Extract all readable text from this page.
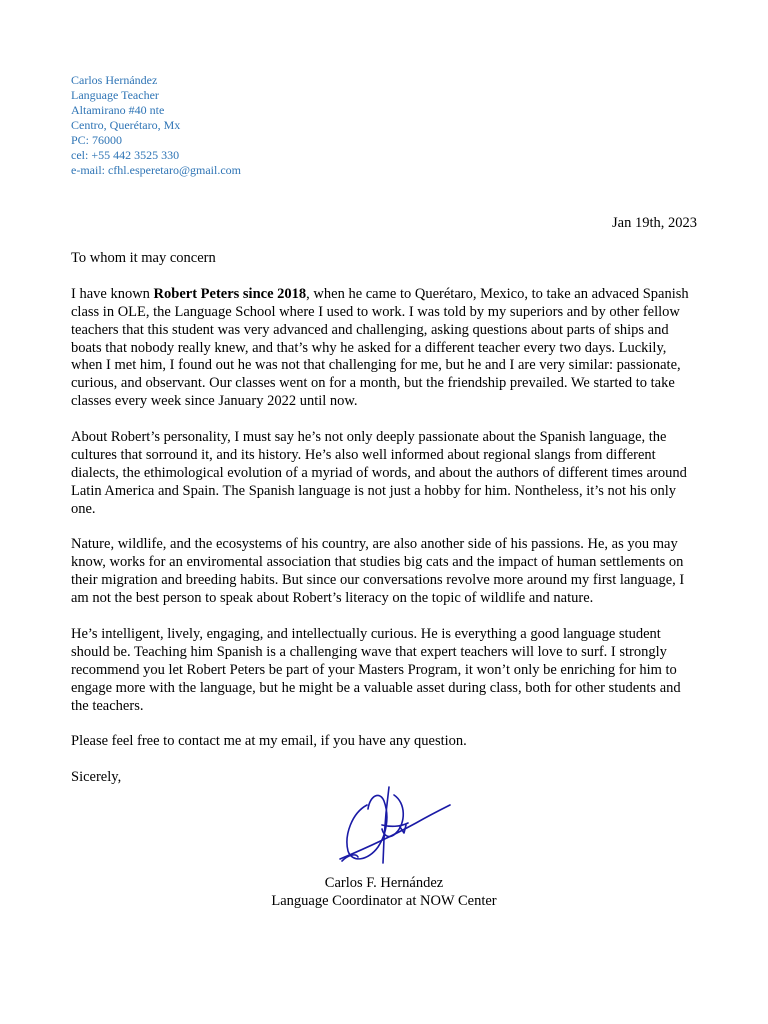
Carlos Hernández
Language Teacher
Altamirano #40 nte
Centro, Querétaro, Mx
PC: 76000
cel: +55 442 3525 330
e-mail: cfhl.esperetaro@gmail.com
Jan 19th, 2023

To whom it may concern

I have known Robert Peters since 2018, when he came to Querétaro, Mexico, to take an advaced Spanish class in OLE, the Language School where I used to work. I was told by my superiors and by other fellow teachers that this student was very advanced and challenging, asking questions about parts of ships and boats that nobody really knew, and that’s why he asked for a different teacher every two days. Luckily, when I met him, I found out he was not that challenging for me, but he and I are very similar: passionate, curious, and observant. Our classes went on for a month, but the friendship prevailed. We started to take classes every week since January 2022 until now.

About Robert’s personality, I must say he’s not only deeply passionate about the Spanish language, the cultures that sorround it, and its history. He’s also well informed about regional slangs from different dialects, the ethimological evolution of a myriad of words, and about the authors of different times around Latin America and Spain. The Spanish language is not just a hobby for him. Nontheless, it’s not his only one.

Nature, wildlife, and the ecosystems of his country, are also another side of his passions. He, as you may know, works for an enviromental association that studies big cats and the impact of human settlements on their migration and breeding habits. But since our conversations revolve more around my first language, I am not the best person to speak about Robert’s literacy on the topic of wildlife and nature.

He’s intelligent, lively, engaging, and intellectually curious. He is everything a good language student should be. Teaching him Spanish is a challenging wave that expert teachers will love to surf. I strongly recommend you let Robert Peters be part of your Masters Program, it won’t only be enriching for him to engage more with the language, but he might be a valuable asset during class, both for other students and the teachers.

Please feel free to contact me at my email, if you have any question.

Sicerely,

Carlos F. Hernández
Language Coordinator at NOW Center
